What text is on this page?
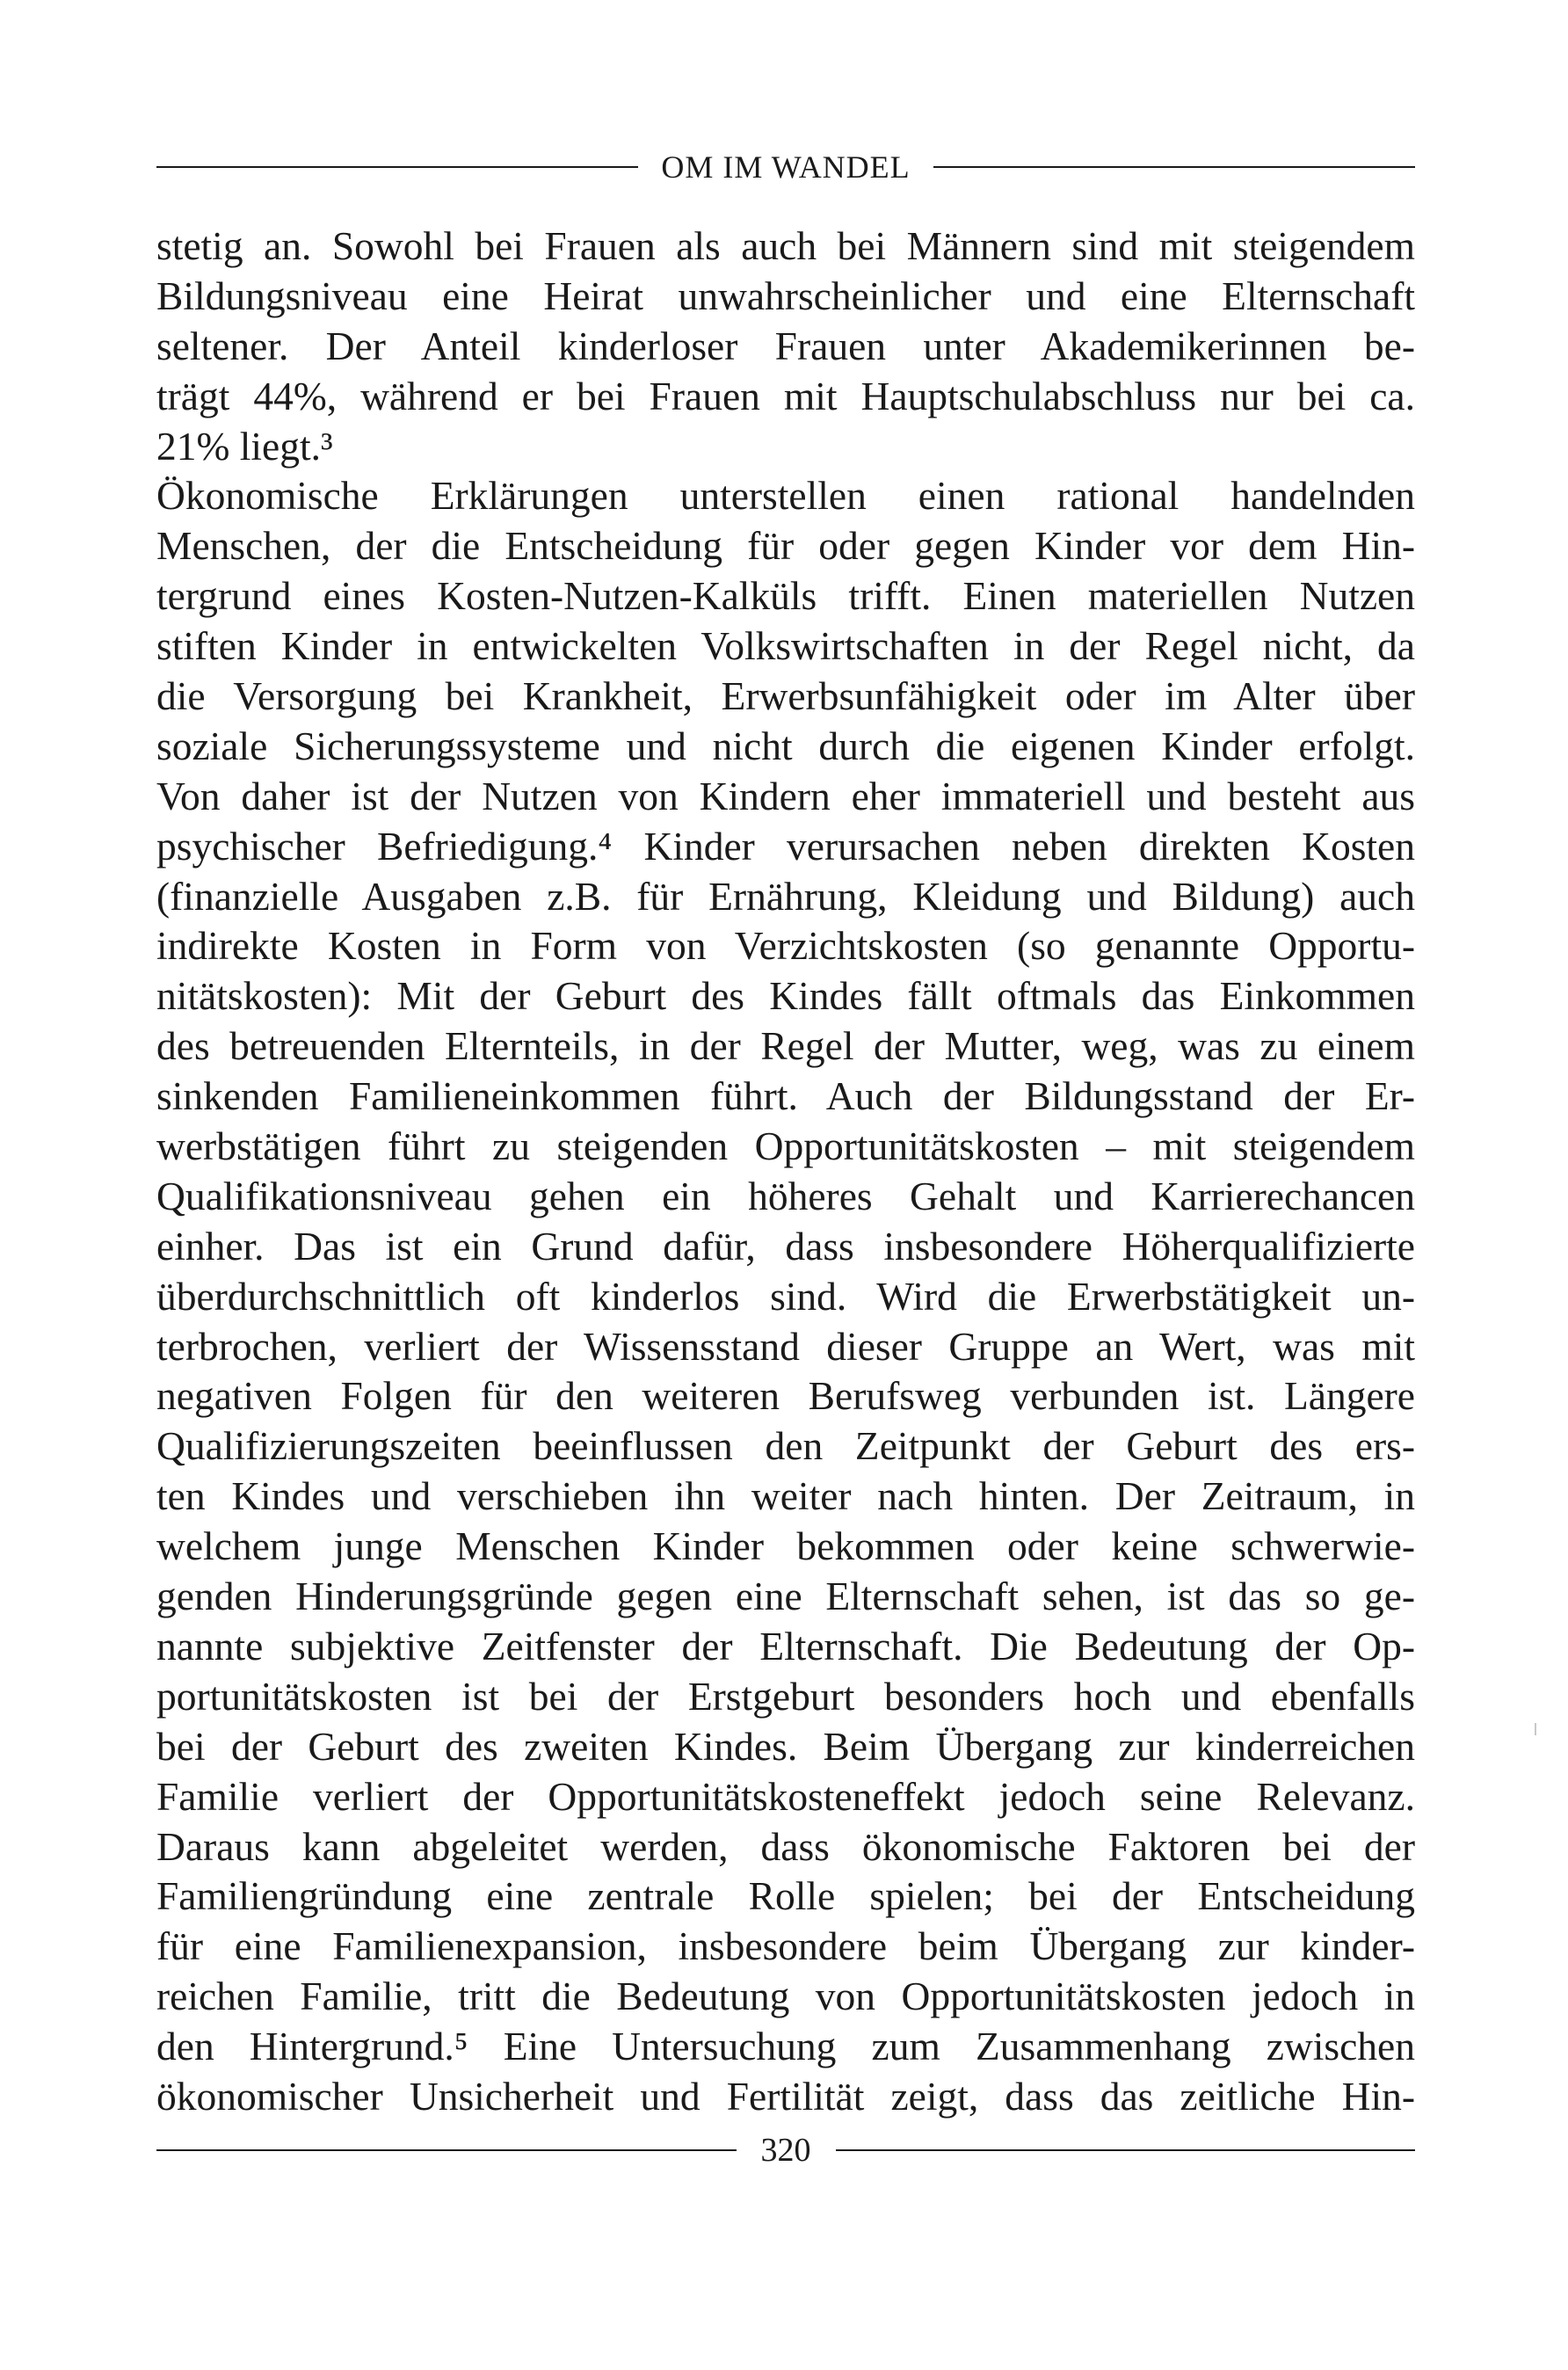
OM IM WANDEL
stetig an. Sowohl bei Frauen als auch bei Männern sind mit steigendem
Bildungsniveau eine Heirat unwahrscheinlicher und eine Elternschaft
seltener. Der Anteil kinderloser Frauen unter Akademikerinnen be-
trägt 44%, während er bei Frauen mit Hauptschulabschluss nur bei ca.
21% liegt.³
Ökonomische Erklärungen unterstellen einen rational handelnden
Menschen, der die Entscheidung für oder gegen Kinder vor dem Hin-
tergrund eines Kosten-Nutzen-Kalküls trifft. Einen materiellen Nutzen
stiften Kinder in entwickelten Volkswirtschaften in der Regel nicht, da
die Versorgung bei Krankheit, Erwerbsunfähigkeit oder im Alter über
soziale Sicherungssysteme und nicht durch die eigenen Kinder erfolgt.
Von daher ist der Nutzen von Kindern eher immateriell und besteht aus
psychischer Befriedigung.⁴ Kinder verursachen neben direkten Kosten
(finanzielle Ausgaben z.B. für Ernährung, Kleidung und Bildung) auch
indirekte Kosten in Form von Verzichtskosten (so genannte Opportu-
nitätskosten): Mit der Geburt des Kindes fällt oftmals das Einkommen
des betreuenden Elternteils, in der Regel der Mutter, weg, was zu einem
sinkenden Familieneinkommen führt. Auch der Bildungsstand der Er-
werbstätigen führt zu steigenden Opportunitätskosten – mit steigendem
Qualifikationsniveau gehen ein höheres Gehalt und Karrierechancen
einher. Das ist ein Grund dafür, dass insbesondere Höherqualifizierte
überdurchschnittlich oft kinderlos sind. Wird die Erwerbstätigkeit un-
terbrochen, verliert der Wissensstand dieser Gruppe an Wert, was mit
negativen Folgen für den weiteren Berufsweg verbunden ist. Längere
Qualifizierungszeiten beeinflussen den Zeitpunkt der Geburt des ers-
ten Kindes und verschieben ihn weiter nach hinten. Der Zeitraum, in
welchem junge Menschen Kinder bekommen oder keine schwerwie-
genden Hinderungsgründe gegen eine Elternschaft sehen, ist das so ge-
nannte subjektive Zeitfenster der Elternschaft. Die Bedeutung der Op-
portunitätskosten ist bei der Erstgeburt besonders hoch und ebenfalls
bei der Geburt des zweiten Kindes. Beim Übergang zur kinderreichen
Familie verliert der Opportunitätskosteneffekt jedoch seine Relevanz.
Daraus kann abgeleitet werden, dass ökonomische Faktoren bei der
Familiengründung eine zentrale Rolle spielen; bei der Entscheidung
für eine Familienexpansion, insbesondere beim Übergang zur kinder-
reichen Familie, tritt die Bedeutung von Opportunitätskosten jedoch in
den Hintergrund.⁵ Eine Untersuchung zum Zusammenhang zwischen
ökonomischer Unsicherheit und Fertilität zeigt, dass das zeitliche Hin-
320
